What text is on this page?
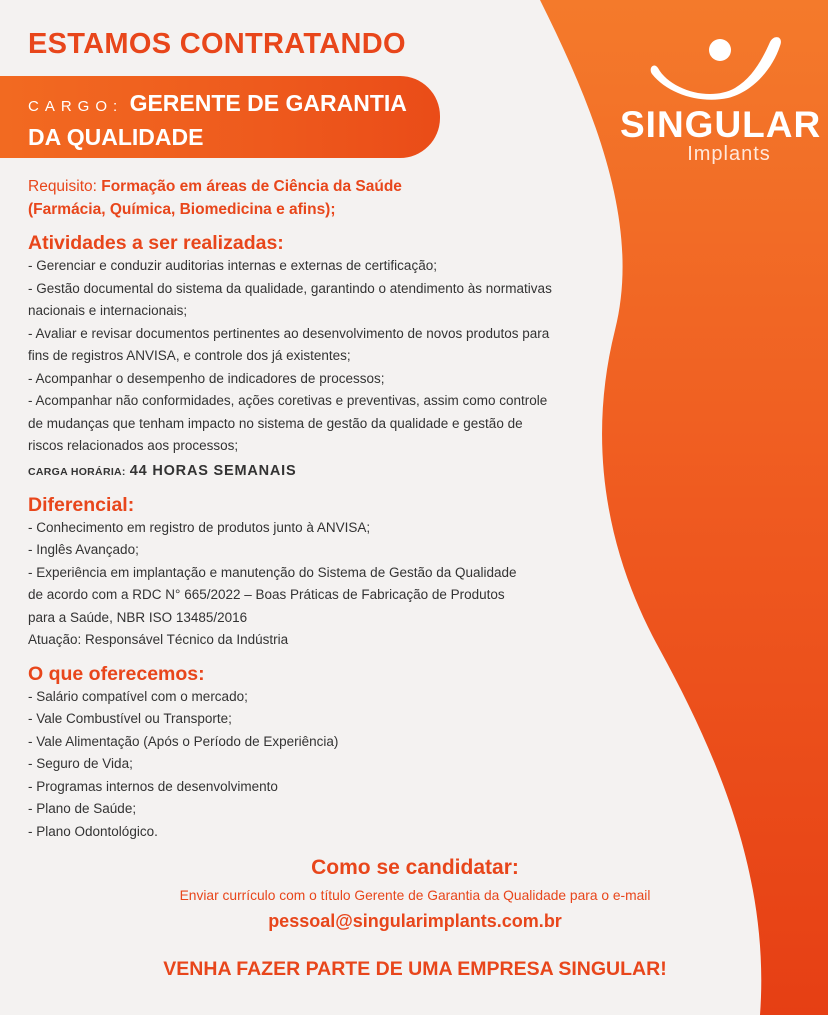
SINGULAR
Implants
ESTAMOS CONTRATANDO
CARGO: GERENTE DE GARANTIA DA QUALIDADE
Requisito: Formação em áreas de Ciência da Saúde
(Farmácia, Química, Biomedicina e afins);
Atividades a ser realizadas:
- Gerenciar e conduzir auditorias internas e externas de certificação;
- Gestão documental do sistema da qualidade, garantindo o atendimento às normativas
nacionais e internacionais;
- Avaliar e revisar documentos pertinentes ao desenvolvimento de novos produtos para
fins de registros ANVISA, e controle dos já existentes;
- Acompanhar o desempenho de indicadores de processos;
- Acompanhar não conformidades, ações coretivas e preventivas, assim como controle
de mudanças que tenham impacto no sistema de gestão da qualidade e gestão de
riscos relacionados aos processos;
CARGA HORÁRIA: 44 HORAS SEMANAIS
Diferencial:
- Conhecimento em registro de produtos junto à ANVISA;
- Inglês Avançado;
- Experiência em implantação e manutenção do Sistema de Gestão da Qualidade
de acordo com a RDC N° 665/2022 – Boas Práticas de Fabricação de Produtos
para a Saúde, NBR ISO 13485/2016
Atuação: Responsável Técnico da Indústria
O que oferecemos:
- Salário compatível com o mercado;
- Vale Combustível ou Transporte;
- Vale Alimentação (Após o Período de Experiência)
- Seguro de Vida;
- Programas internos de desenvolvimento
- Plano de Saúde;
- Plano Odontológico.
Como se candidatar:
Enviar currículo com o título Gerente de Garantia da Qualidade para o e-mail
pessoal@singularimplants.com.br
VENHA FAZER PARTE DE UMA EMPRESA SINGULAR!
